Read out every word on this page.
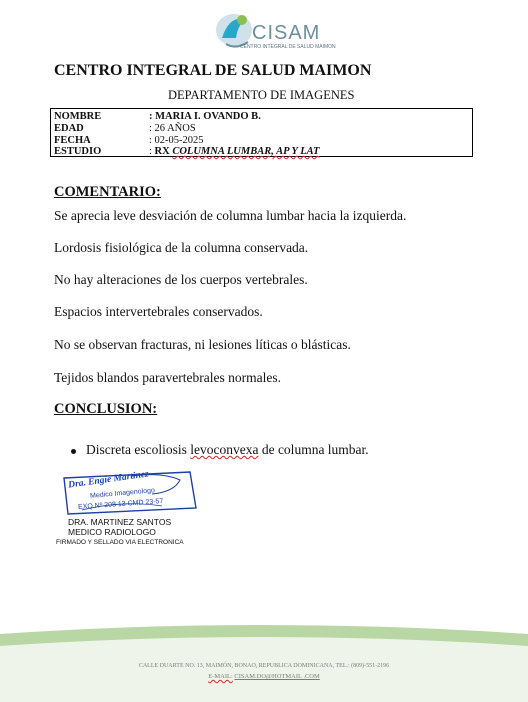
CISAM
CENTRO INTEGRAL DE SALUD MAIMON
CENTRO INTEGRAL DE SALUD MAIMON
DEPARTAMENTO DE IMAGENES
NOMBRE	: MARIA I. OVANDO B.
EDAD	: 26 AÑOS
FECHA	: 02-05-2025
ESTUDIO	: RX COLUMNA LUMBAR, AP Y LAT
COMENTARIO:
Se aprecia leve desviación de columna lumbar hacia la izquierda.
Lordosis fisiológica de la columna conservada.
No hay alteraciones de los cuerpos vertebrales.
Espacios intervertebrales conservados.
No se observan fracturas, ni lesiones líticas o blásticas.
Tejidos blandos paravertebrales normales.
CONCLUSION:
Discreta escoliosis levoconvexa de columna lumbar.
Dra. Engie Martinez
Medico Imagenologo
EXQ Nº 208 13 CMD 23-57
DRA. MARTINEZ SANTOS
MEDICO RADIOLOGO
FIRMADO Y SELLADO VIA ELECTRONICA
CALLE DUARTE NO. 13, MAIMÓN, BONAO, REPUBLICA DOMINICANA, TEL.: (809)-551-2196
E-MAIL: CISAM.DO@HOTMAIL .COM
